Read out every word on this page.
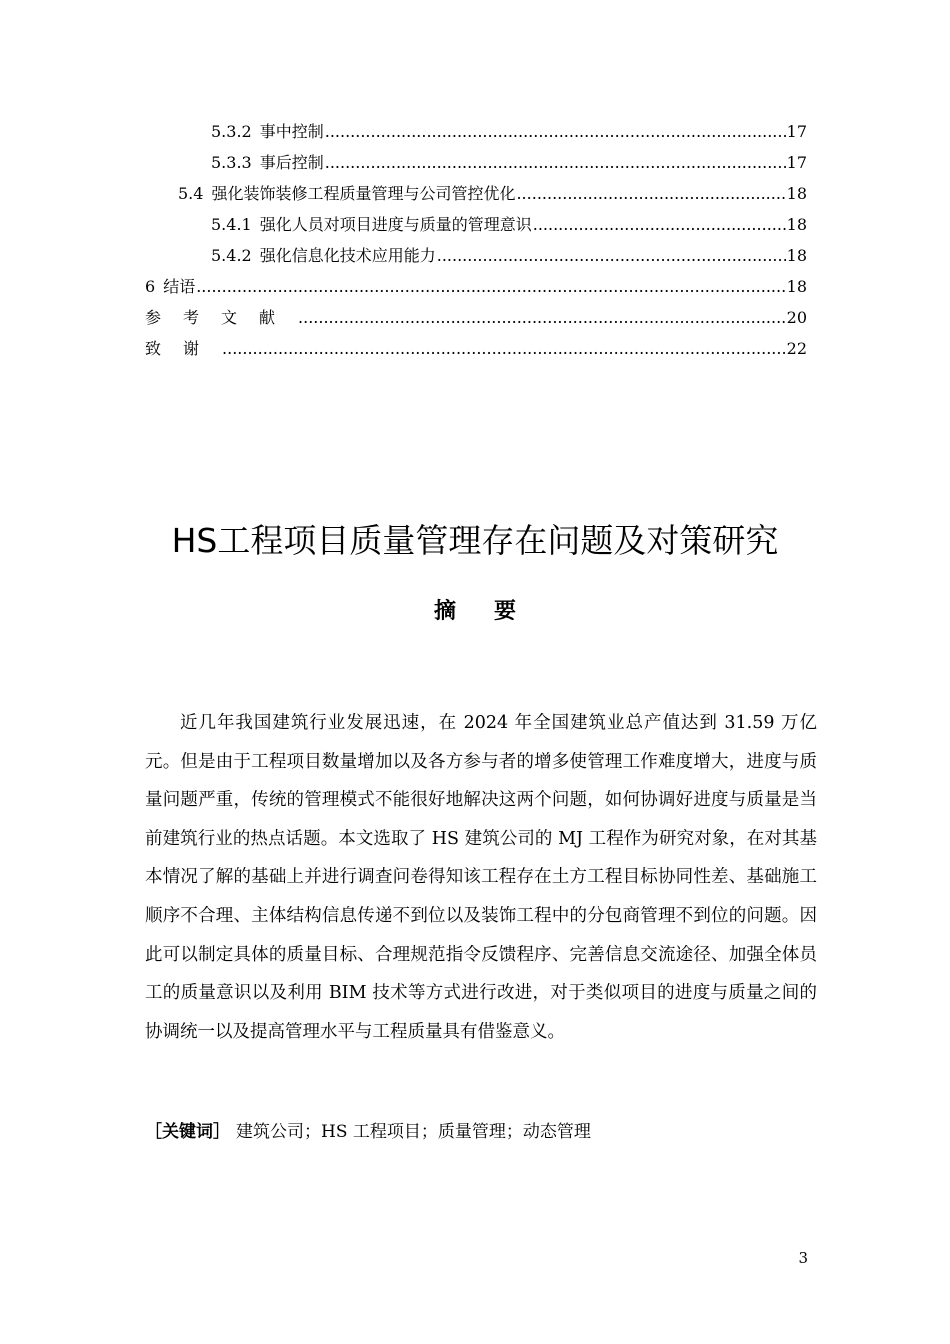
5.3.2 事中控制 .....	17
5.3.3 事后控制 .....	17
5.4 强化装饰装修工程质量管理与公司管控优化 .....	18
5.4.1 强化人员对项目进度与质量的管理意识 .....	18
5.4.2 强化信息化技术应用能力 .....	18
6 结语 .....	18
参考文献 .....	20
致谢 .....	22
HS工程项目质量管理存在问题及对策研究
摘要

近几年我国建筑行业发展迅速，在 2024 年全国建筑业总产值达到 31.59 万亿元。但是由于工程项目数量增加以及各方参与者的增多使管理工作难度增大，进度与质量问题严重，传统的管理模式不能很好地解决这两个问题，如何协调好进度与质量是当前建筑行业的热点话题。本文选取了 HS 建筑公司的 MJ 工程作为研究对象，在对其基本情况了解的基础上并进行调查问卷得知该工程存在土方工程目标协同性差、基础施工顺序不合理、主体结构信息传递不到位以及装饰工程中的分包商管理不到位的问题。因此可以制定具体的质量目标、合理规范指令反馈程序、完善信息交流途径、加强全体员工的质量意识以及利用 BIM 技术等方式进行改进，对于类似项目的进度与质量之间的协调统一以及提高管理水平与工程质量具有借鉴意义。

［关键词］ 建筑公司；HS 工程项目；质量管理；动态管理
3
